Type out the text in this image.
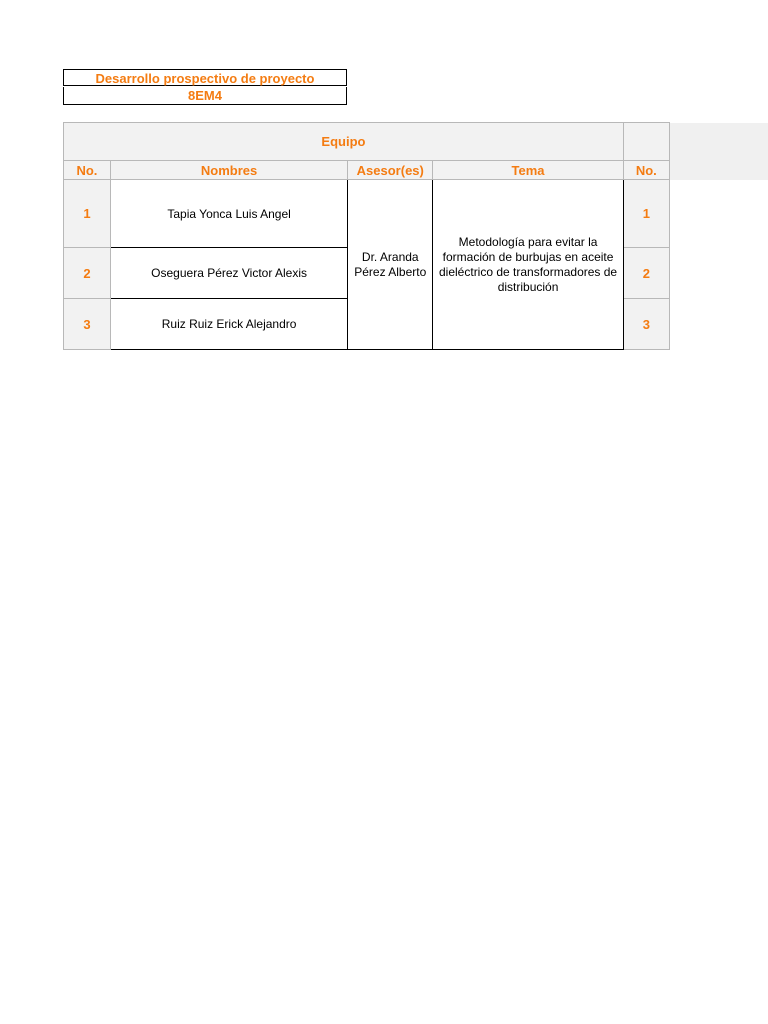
Desarrollo prospectivo de proyecto
8EM4
Equipo					
No.	Nombres	Asesor(es)	Tema	No.	
1	Tapia Yonca Luis Angel	Dr. Aranda Pérez Alberto	Metodología para evitar la formación de burbujas en aceite dieléctrico de transformadores de distribución	1	
2	Oseguera Pérez Victor Alexis			2	
3	Ruiz Ruiz Erick Alejandro			3	
